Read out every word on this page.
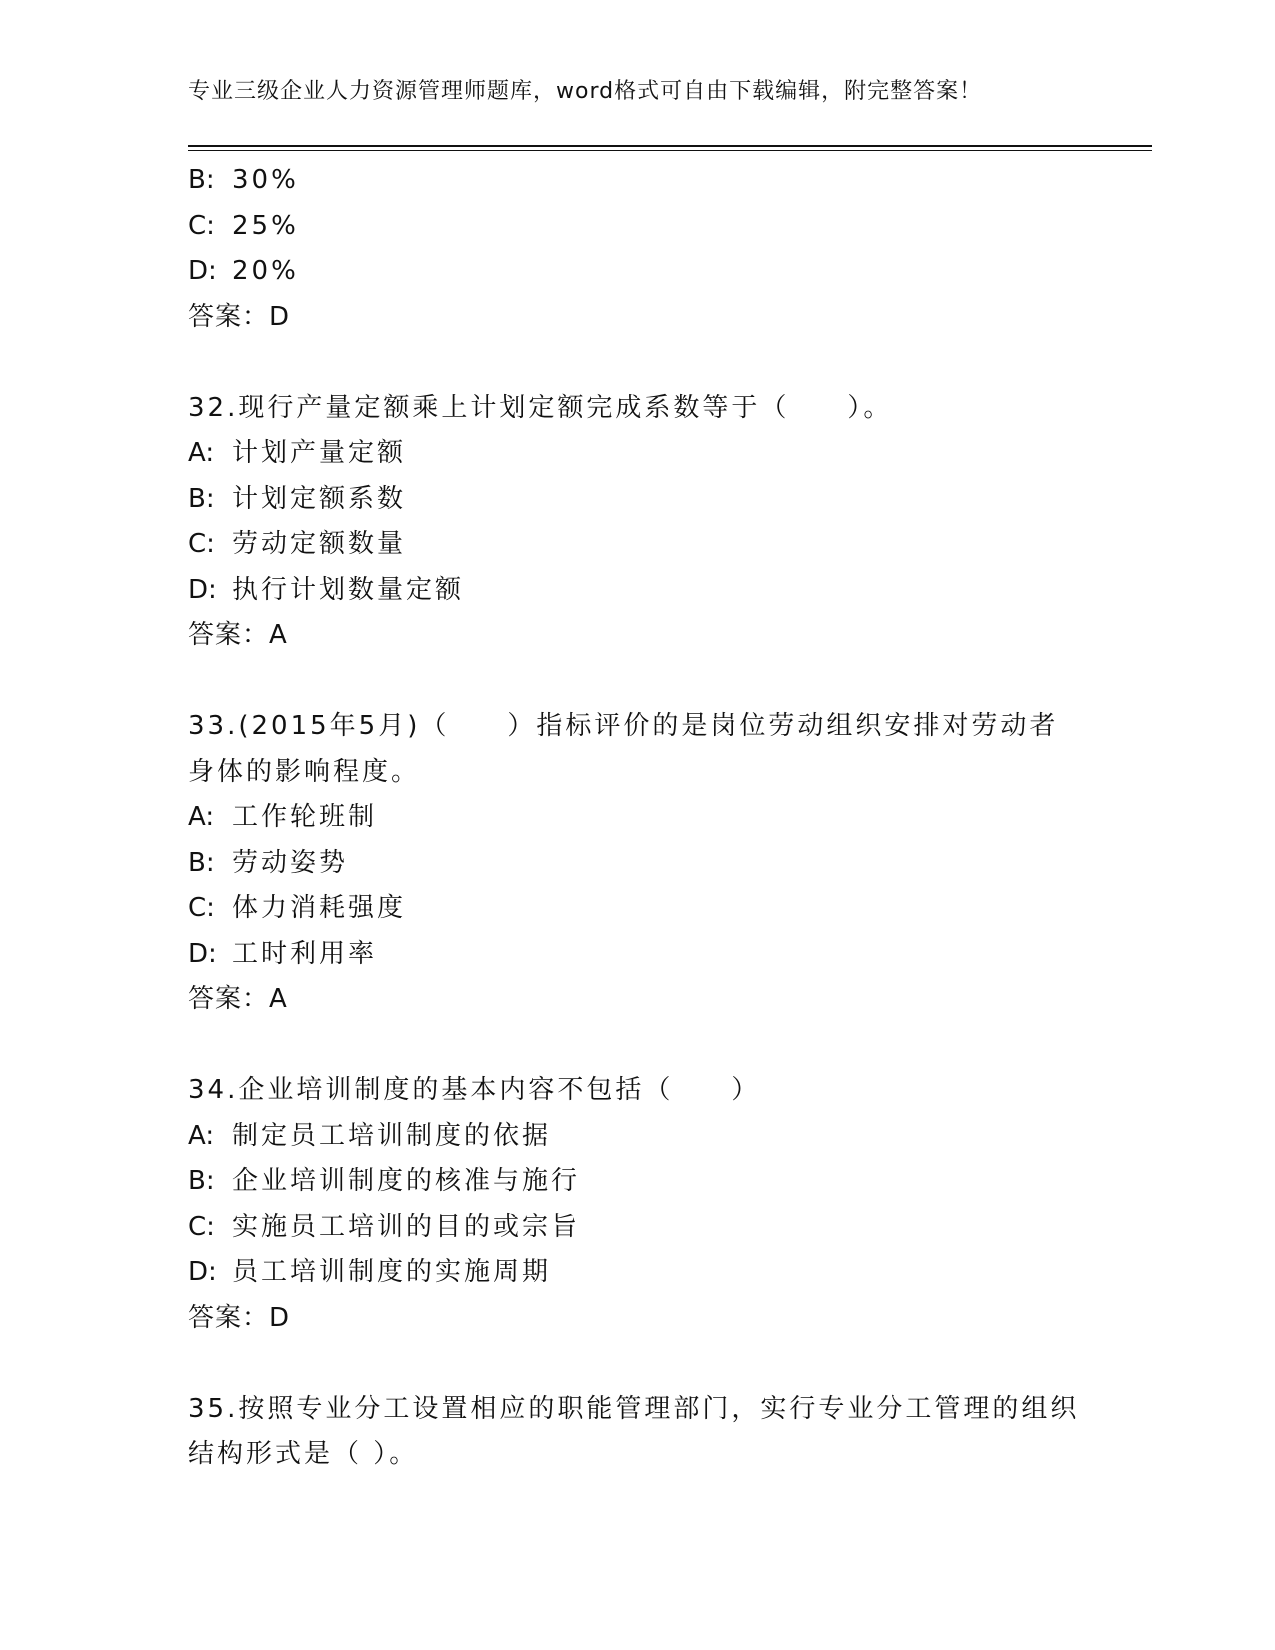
专业三级企业人力资源管理师题库，word格式可自由下载编辑，附完整答案！
B: 30%
C: 25%
D: 20%
答案：D
32.现行产量定额乘上计划定额完成系数等于（　　）。
A: 计划产量定额
B: 计划定额系数
C: 劳动定额数量
D: 执行计划数量定额
答案：A
33.(2015年5月)（　　）指标评价的是岗位劳动组织安排对劳动者
身体的影响程度。
A: 工作轮班制
B: 劳动姿势
C: 体力消耗强度
D: 工时利用率
答案：A
34.企业培训制度的基本内容不包括（　　）
A: 制定员工培训制度的依据
B: 企业培训制度的核准与施行
C: 实施员工培训的目的或宗旨
D: 员工培训制度的实施周期
答案：D
35.按照专业分工设置相应的职能管理部门，实行专业分工管理的组织
结构形式是（ ）。
